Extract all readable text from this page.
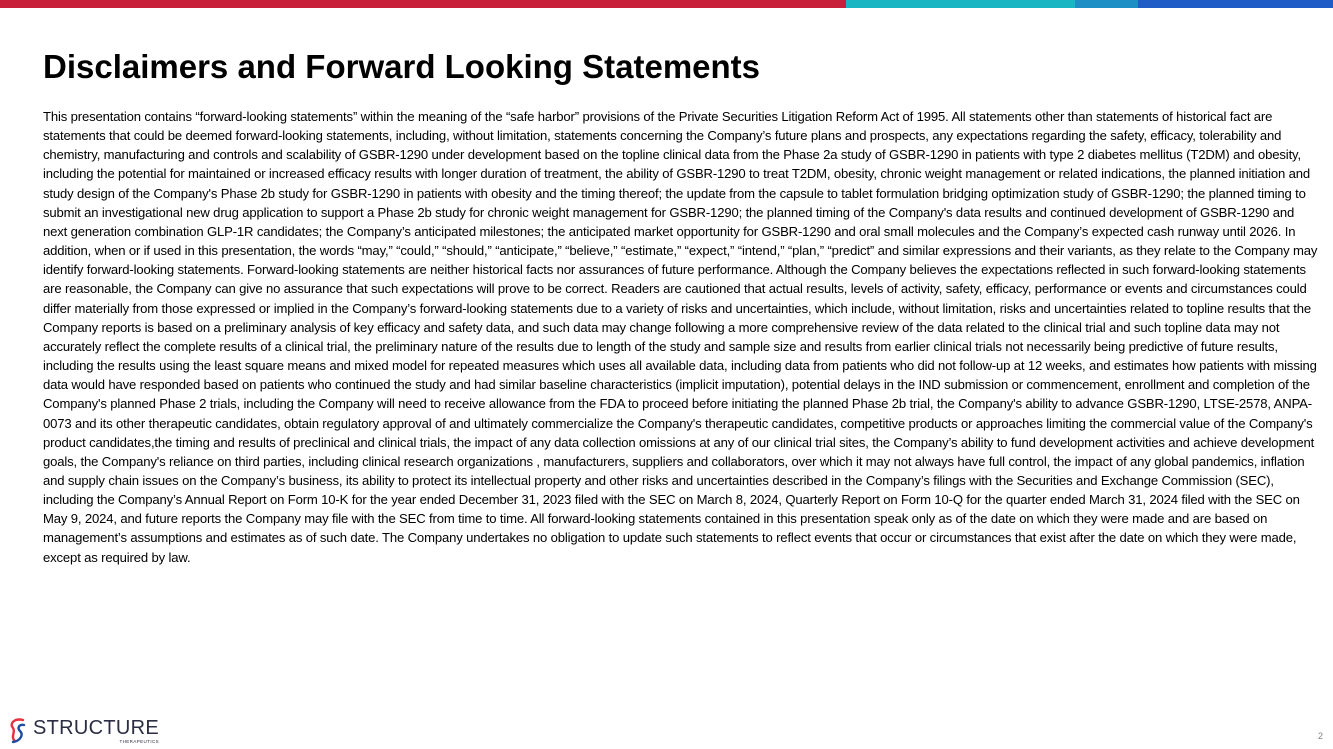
Disclaimers and Forward Looking Statements

This presentation contains “forward-looking statements” within the meaning of the “safe harbor” provisions of the Private Securities Litigation Reform Act of 1995. All statements other than statements of historical fact are statements that could be deemed forward-looking statements, including, without limitation, statements concerning the Company’s future plans and prospects, any expectations regarding the safety, efficacy, tolerability and chemistry, manufacturing and controls and scalability of GSBR-1290 under development based on the topline clinical data from the Phase 2a study of GSBR-1290 in patients with type 2 diabetes mellitus (T2DM) and obesity, including the potential for maintained or increased efficacy results with longer duration of treatment, the ability of GSBR-1290 to treat T2DM, obesity, chronic weight management or related indications, the planned initiation and study design of the Company's Phase 2b study for GSBR-1290 in patients with obesity and the timing thereof; the update from the capsule to tablet formulation bridging optimization study of GSBR-1290; the planned timing to submit an investigational new drug application to support a Phase 2b study for chronic weight management for GSBR-1290; the planned timing of the Company's data results and continued development of GSBR-1290 and next generation combination GLP-1R candidates; the Company’s anticipated milestones; the anticipated market opportunity for GSBR-1290 and oral small molecules and the Company’s expected cash runway until 2026. In addition, when or if used in this presentation, the words “may,” “could,” “should,” “anticipate,” “believe,” “estimate,” “expect,” “intend,” “plan,” “predict” and similar expressions and their variants, as they relate to the Company may identify forward-looking statements. Forward-looking statements are neither historical facts nor assurances of future performance. Although the Company believes the expectations reflected in such forward-looking statements are reasonable, the Company can give no assurance that such expectations will prove to be correct. Readers are cautioned that actual results, levels of activity, safety, efficacy, performance or events and circumstances could differ materially from those expressed or implied in the Company’s forward-looking statements due to a variety of risks and uncertainties, which include, without limitation, risks and uncertainties related to topline results that the Company reports is based on a preliminary analysis of key efficacy and safety data, and such data may change following a more comprehensive review of the data related to the clinical trial and such topline data may not accurately reflect the complete results of a clinical trial, the preliminary nature of the results due to length of the study and sample size and results from earlier clinical trials not necessarily being predictive of future results, including the results using the least square means and mixed model for repeated measures which uses all available data, including data from patients who did not follow-up at 12 weeks, and estimates how patients with missing data would have responded based on patients who continued the study and had similar baseline characteristics (implicit imputation), potential delays in the IND submission or commencement, enrollment and completion of the Company's planned Phase 2 trials, including the Company will need to receive allowance from the FDA to proceed before initiating the planned Phase 2b trial, the Company's ability to advance GSBR-1290, LTSE-2578, ANPA-0073 and its other therapeutic candidates, obtain regulatory approval of and ultimately commercialize the Company's therapeutic candidates, competitive products or approaches limiting the commercial value of the Company's product candidates,the timing and results of preclinical and clinical trials, the impact of any data collection omissions at any of our clinical trial sites, the Company’s ability to fund development activities and achieve development goals, the Company's reliance on third parties, including clinical research organizations , manufacturers, suppliers and collaborators, over which it may not always have full control, the impact of any global pandemics, inflation and supply chain issues on the Company’s business, its ability to protect its intellectual property and other risks and uncertainties described in the Company’s filings with the Securities and Exchange Commission (SEC), including the Company’s Annual Report on Form 10-K for the year ended December 31, 2023 filed with the SEC on March 8, 2024, Quarterly Report on Form 10-Q for the quarter ended March 31, 2024 filed with the SEC on May 9, 2024, and future reports the Company may file with the SEC from time to time. All forward-looking statements contained in this presentation speak only as of the date on which they were made and are based on management’s assumptions and estimates as of such date. The Company undertakes no obligation to update such statements to reflect events that occur or circumstances that exist after the date on which they were made, except as required by law.

STRUCTURE
THERAPEUTICS
2
